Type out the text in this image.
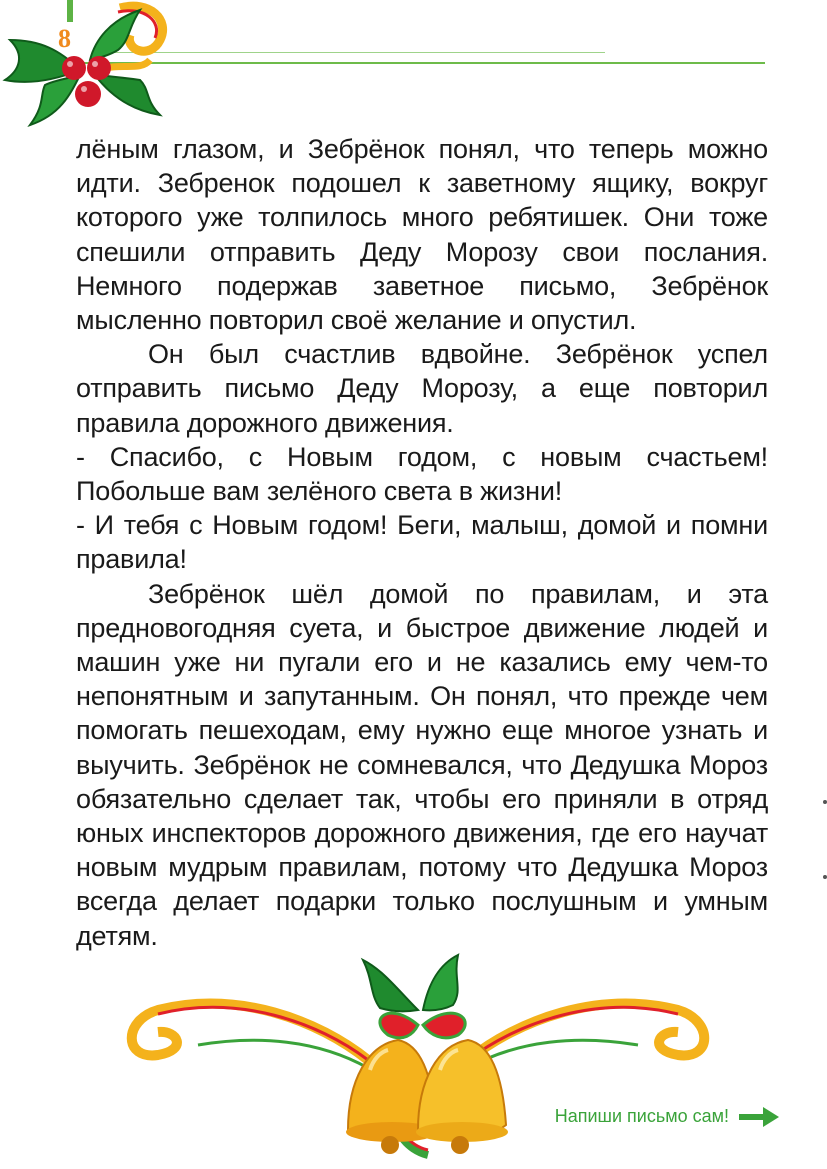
8

лёным глазом, и Зебрёнок понял, что теперь можно идти. Зебренок подошел к заветному ящику, вокруг которого уже толпилось много ребятишек. Они тоже спешили отправить Деду Морозу свои послания. Немного подержав заветное письмо, Зебрёнок мысленно повторил своё желание и опустил.

Он был счастлив вдвойне. Зебрёнок успел отправить письмо Деду Морозу, а еще повторил правила дорожного движения.

- Спасибо, с Новым годом, с новым счастьем! Побольше вам зелёного света в жизни!

- И тебя с Новым годом! Беги, малыш, домой и помни правила!

Зебрёнок шёл домой по правилам, и эта предновогодняя суета, и быстрое движение людей и машин уже ни пугали его и не казались ему чем-то непонятным и запутанным. Он понял, что прежде чем помогать пешеходам, ему нужно еще многое узнать и выучить. Зебрёнок не сомневался, что Дедушка Мороз обязательно сделает так, чтобы его приняли в отряд юных инспекторов дорожного движения, где его научат новым мудрым правилам, потому что Дедушка Мороз всегда делает подарки только послушным и умным детям.

Напиши письмо сам!
